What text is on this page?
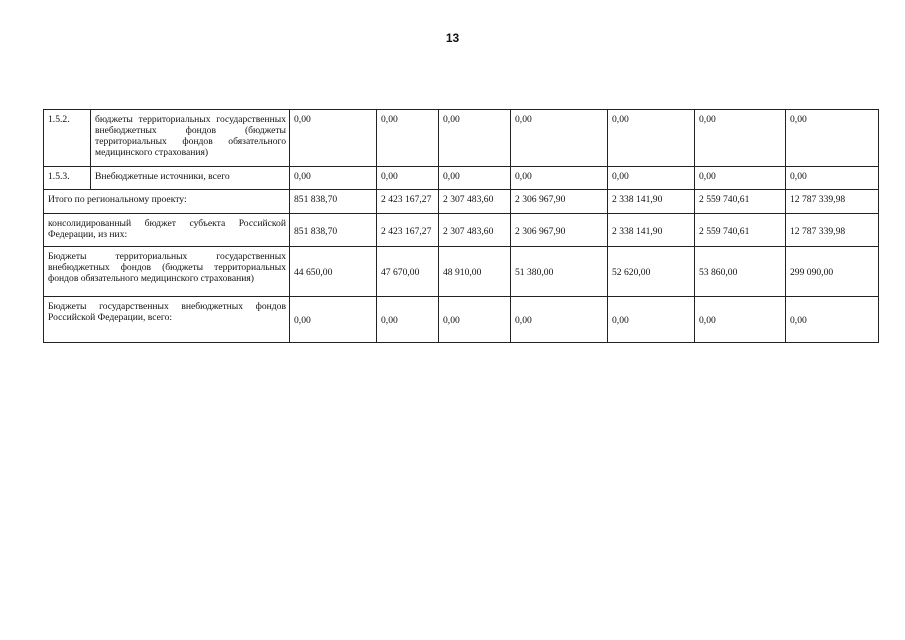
13
1.5.2.	бюджеты территориальных государственных внебюджетных фондов (бюджеты территориальных фондов обязательного медицинского страхования)	0,00	0,00	0,00	0,00	0,00	0,00	0,00
1.5.3.	Внебюджетные источники, всего	0,00	0,00	0,00	0,00	0,00	0,00	0,00
Итого по региональному проекту:		851 838,70	2 423 167,27	2 307 483,60	2 306 967,90	2 338 141,90	2 559 740,61	12 787 339,98
консолидированный бюджет субъекта Российской Федерации, из них:		851 838,70	2 423 167,27	2 307 483,60	2 306 967,90	2 338 141,90	2 559 740,61	12 787 339,98
Бюджеты территориальных государственных внебюджетных фондов (бюджеты территориальных фондов обязательного медицинского страхования)		44 650,00	47 670,00	48 910,00	51 380,00	52 620,00	53 860,00	299 090,00
Бюджеты государственных внебюджетных фондов Российской Федерации, всего:		0,00	0,00	0,00	0,00	0,00	0,00	0,00
